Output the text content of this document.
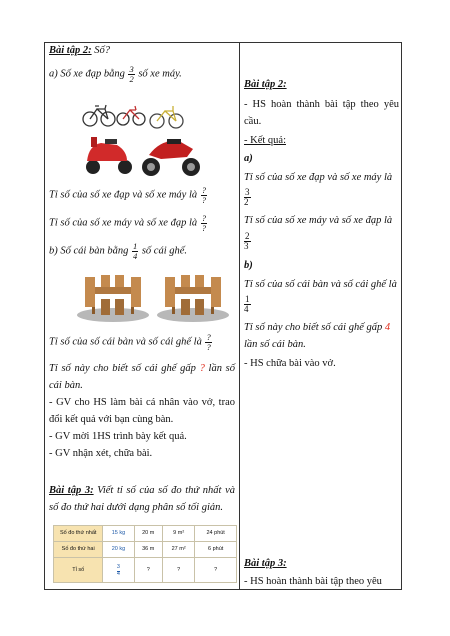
Bài tập 2: Số?
a) Số xe đạp bằng $\frac{3}{2}$ số xe máy.
Tỉ số của số xe đạp và số xe máy là $\frac{?}{?}$
Tỉ số của số xe máy và số xe đạp là $\frac{?}{?}$
b) Số cái bàn bằng $\frac{1}{4}$ số cái ghế.
Tỉ số của số cái bàn và số cái ghế là $\frac{?}{?}$
Tỉ số này cho biết số cái ghế gấp ? lần số cái bàn.
- GV cho HS làm bài cá nhân vào vở, trao đổi kết quả với bạn cùng bàn.
- GV mời 1HS trình bày kết quả.
- GV nhận xét, chữa bài.
Bài tập 3: Viết tỉ số của số đo thứ nhất và số đo thứ hai dưới dạng phân số tối giản.
Số đo thứ nhất	15 kg	20 m	9 m²	24 phút
Số đo thứ hai	20 kg	36 m	27 m²	6 phút
Tỉ số	$\frac{3}{4}$	?	?	?
Bài tập 2:
- HS hoàn thành bài tập theo yêu cầu.
- Kết quả:
a)
Tỉ số của số xe đạp và số xe máy là
3
2
Tỉ số của số xe máy và số xe đạp là
2
3
b)
Tỉ số của số cái bàn và số cái ghế là
1
4
Tỉ số này cho biết số cái ghế gấp 4 lần số cái bàn.
- HS chữa bài vào vở.
Bài tập 3:
- HS hoàn thành bài tập theo yêu
